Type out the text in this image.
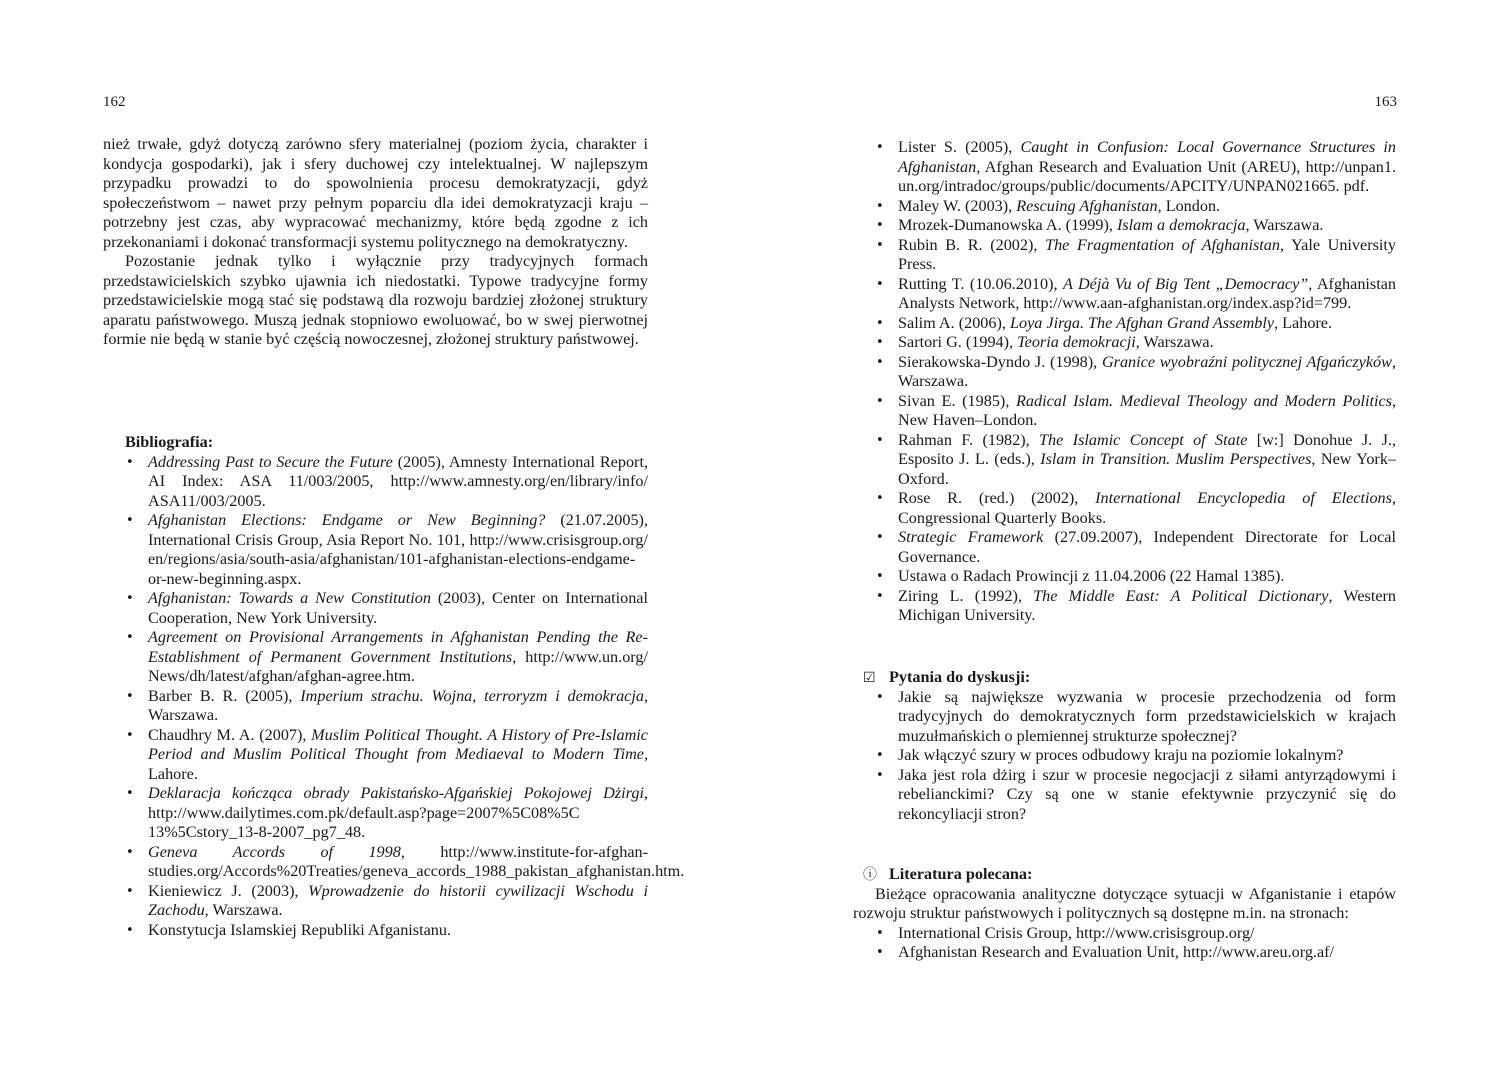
162

nież trwałe, gdyż dotyczą zarówno sfery materialnej (poziom życia, charakter i kondycja gospodarki), jak i sfery duchowej czy intelektualnej. W najlepszym przypadku prowadzi to do spowolnienia procesu demokratyzacji, gdyż społeczeństwom – nawet przy pełnym poparciu dla idei demokratyzacji kraju – potrzebny jest czas, aby wypracować mechanizmy, które będą zgodne z ich przekonaniami i dokonać transformacji systemu politycznego na demokratyczny.

Pozostanie jednak tylko i wyłącznie przy tradycyjnych formach przedstawicielskich szybko ujawnia ich niedostatki. Typowe tradycyjne formy przedstawicielskie mogą stać się podstawą dla rozwoju bardziej złożonej struktury aparatu państwowego. Muszą jednak stopniowo ewoluować, bo w swej pierwotnej formie nie będą w stanie być częścią nowoczesnej, złożonej struktury państwowej.

Bibliografia:
• Addressing Past to Secure the Future (2005), Amnesty International Report, AI Index: ASA 11/003/2005, http://www.amnesty.org/en/library/info/ ASA11/003/2005.
• Afghanistan Elections: Endgame or New Beginning? (21.07.2005), International Crisis Group, Asia Report No. 101, http://www.crisisgroup.org/ en/regions/asia/south-asia/afghanistan/101-afghanistan-elections-endgame-or-new-beginning.aspx.
• Afghanistan: Towards a New Constitution (2003), Center on International Cooperation, New York University.
• Agreement on Provisional Arrangements in Afghanistan Pending the Re-Establishment of Permanent Government Institutions, http://www.un.org/ News/dh/latest/afghan/afghan-agree.htm.
• Barber B. R. (2005), Imperium strachu. Wojna, terroryzm i demokracja, Warszawa.
• Chaudhry M. A. (2007), Muslim Political Thought. A History of Pre-Islamic Period and Muslim Political Thought from Mediaeval to Modern Time, Lahore.
• Deklaracja kończąca obrady Pakistańsko-Afgańskiej Pokojowej Dżirgi, http://www.dailytimes.com.pk/default.asp?page=2007%5C08%5C 13%5Cstory_13-8-2007_pg7_48.
• Geneva Accords of 1998, http://www.institute-for-afghan-studies.org/Accords%20Treaties/geneva_accords_1988_pakistan_afghanistan.htm.
• Kieniewicz J. (2003), Wprowadzenie do historii cywilizacji Wschodu i Zachodu, Warszawa.
• Konstytucja Islamskiej Republiki Afganistanu.
163
• Lister S. (2005), Caught in Confusion: Local Governance Structures in Afghanistan, Afghan Research and Evaluation Unit (AREU), http://unpan1. un.org/intradoc/groups/public/documents/APCITY/UNPAN021665. pdf.
• Maley W. (2003), Rescuing Afghanistan, London.
• Mrozek-Dumanowska A. (1999), Islam a demokracja, Warszawa.
• Rubin B. R. (2002), The Fragmentation of Afghanistan, Yale University Press.
• Rutting T. (10.06.2010), A Déjà Vu of Big Tent „Democracy”, Afghanistan Analysts Network, http://www.aan-afghanistan.org/index.asp?id=799.
• Salim A. (2006), Loya Jirga. The Afghan Grand Assembly, Lahore.
• Sartori G. (1994), Teoria demokracji, Warszawa.
• Sierakowska-Dyndo J. (1998), Granice wyobraźni politycznej Afgańczyków, Warszawa.
• Sivan E. (1985), Radical Islam. Medieval Theology and Modern Politics, New Haven–London.
• Rahman F. (1982), The Islamic Concept of State [w:] Donohue J. J., Esposito J. L. (eds.), Islam in Transition. Muslim Perspectives, New York–Oxford.
• Rose R. (red.) (2002), International Encyclopedia of Elections, Congressional Quarterly Books.
• Strategic Framework (27.09.2007), Independent Directorate for Local Governance.
• Ustawa o Radach Prowincji z 11.04.2006 (22 Hamal 1385).
• Ziring L. (1992), The Middle East: A Political Dictionary, Western Michigan University.
☑ Pytania do dyskusji:
• Jakie są największe wyzwania w procesie przechodzenia od form tradycyjnych do demokratycznych form przedstawicielskich w krajach muzułmańskich o plemiennej strukturze społecznej?
• Jak włączyć szury w proces odbudowy kraju na poziomie lokalnym?
• Jaka jest rola dżirg i szur w procesie negocjacji z siłami antyrządowymi i rebelianckimi? Czy są one w stanie efektywnie przyczynić się do rekoncyliacji stron?
ⓘ Literatura polecana:

Bieżące opracowania analityczne dotyczące sytuacji w Afganistanie i etapów rozwoju struktur państwowych i politycznych są dostępne m.in. na stronach:

• International Crisis Group, http://www.crisisgroup.org/
• Afghanistan Research and Evaluation Unit, http://www.areu.org.af/
